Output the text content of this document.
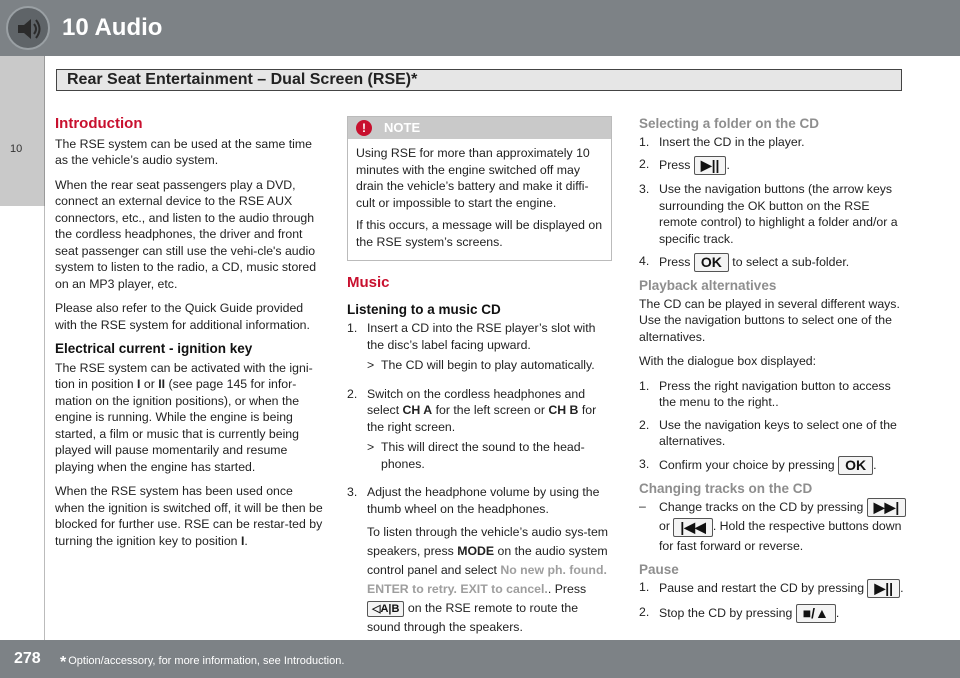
10 Audio
Rear Seat Entertainment – Dual Screen (RSE)*
10
Introduction

The RSE system can be used at the same time as the vehicle’s audio system.

When the rear seat passengers play a DVD, connect an external device to the RSE AUX connectors, etc., and listen to the audio through the cordless headphones, the driver and front seat passenger can still use the vehi-cle's audio system to listen to the radio, a CD, music stored on an MP3 player, etc.

Please also refer to the Quick Guide provided with the RSE system for additional information.

Electrical current - ignition key

The RSE system can be activated with the igni-tion in position I or II (see page 145 for infor-mation on the ignition positions), or when the engine is running. While the engine is being started, a film or music that is currently being played will pause momentarily and resume playing when the engine has started.

When the RSE system has been used once when the ignition is switched off, it will be then be blocked for further use. RSE can be restar-ted by turning the ignition key to position I.

!	NOTE

Using RSE for more than approximately 10 minutes with the engine switched off may drain the vehicle’s battery and make it diffi-cult or impossible to start the engine.

If this occurs, a message will be displayed on the RSE system’s screens.

Music
Listening to a music CD
1. Insert a CD into the RSE player’s slot with the disc’s label facing upward.
> The CD will begin to play automatically.
2. Switch on the cordless headphones and select CH A for the left screen or CH B for the right screen.
> This will direct the sound to the head-phones.
3. Adjust the headphone volume by using the thumb wheel on the headphones.
To listen through the vehicle’s audio sys-tem speakers, press MODE on the audio system control panel and select No new ph. found. ENTER to retry. EXIT to cancel.. Press ◁A|B on the RSE remote to route the sound through the speakers.
Selecting a folder on the CD
1. Insert the CD in the player.
2. Press ▶|| .
3. Use the navigation buttons (the arrow keys surrounding the OK button on the RSE remote control) to highlight a folder and/or a specific track.
4. Press OK to select a sub-folder.
Playback alternatives

The CD can be played in several different ways. Use the navigation buttons to select one of the alternatives.

With the dialogue box displayed:

1. Press the right navigation button to access the menu to the right..
2. Use the navigation keys to select one of the alternatives.
3. Confirm your choice by pressing OK .
Changing tracks on the CD
–	Change tracks on the CD by pressing ▶▶| or |◀◀ . Hold the respective buttons down for fast forward or reverse.
Pause
1. Pause and restart the CD by pressing ▶|| .
2. Stop the CD by pressing ■/▲ .
278 * Option/accessory, for more information, see Introduction.
